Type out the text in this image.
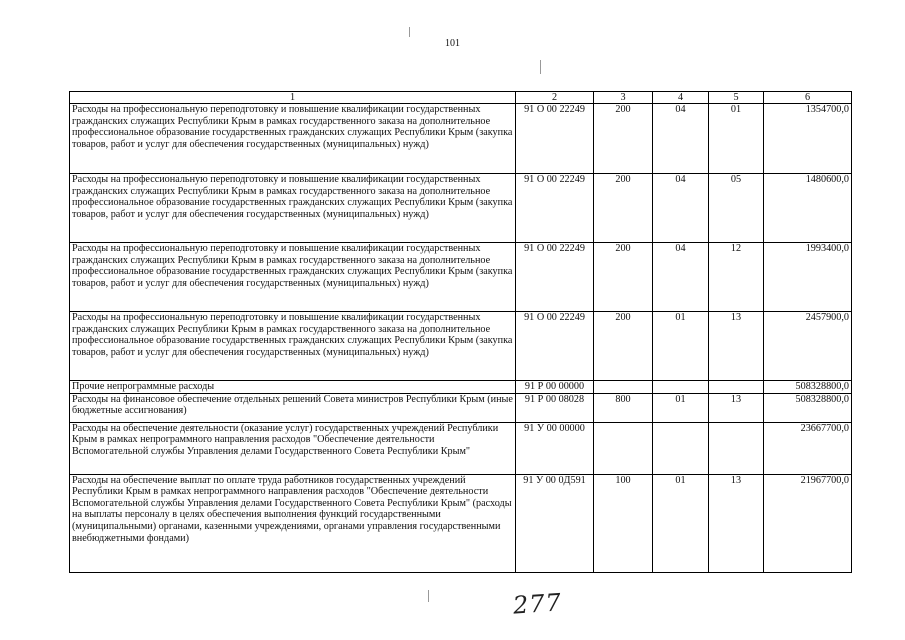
101
1	2	3	4	5	6
Расходы на профессиональную переподготовку и повышение квалификации государственных гражданских служащих Республики Крым в рамках государственного заказа на дополнительное профессиональное образование государственных гражданских служащих Республики Крым (закупка товаров, работ и услуг для обеспечения государственных (муниципальных) нужд)	91 О 00 22249	200	04	01	1354700,0
Расходы на профессиональную переподготовку и повышение квалификации государственных гражданских служащих Республики Крым в рамках государственного заказа на дополнительное профессиональное образование государственных гражданских служащих Республики Крым (закупка товаров, работ и услуг для обеспечения государственных (муниципальных) нужд)	91 О 00 22249	200	04	05	1480600,0
Расходы на профессиональную переподготовку и повышение квалификации государственных гражданских служащих Республики Крым в рамках государственного заказа на дополнительное профессиональное образование государственных гражданских служащих Республики Крым (закупка товаров, работ и услуг для обеспечения государственных (муниципальных) нужд)	91 О 00 22249	200	04	12	1993400,0
Расходы на профессиональную переподготовку и повышение квалификации государственных гражданских служащих Республики Крым в рамках государственного заказа на дополнительное профессиональное образование государственных гражданских служащих Республики Крым (закупка товаров, работ и услуг для обеспечения государственных (муниципальных) нужд)	91 О 00 22249	200	01	13	2457900,0
Прочие непрограммные расходы	91 Р 00 00000				508328800,0
Расходы на финансовое обеспечение отдельных решений Совета министров Республики Крым (иные бюджетные ассигнования)	91 Р 00 08028	800	01	13	508328800,0
Расходы на обеспечение деятельности (оказание услуг) государственных учреждений Республики Крым в рамках непрограммного направления расходов "Обеспечение деятельности Вспомогательной службы Управления делами Государственного Совета Республики Крым"	91 У 00 00000				23667700,0
Расходы на обеспечение выплат по оплате труда работников государственных учреждений Республики Крым в рамках непрограммного направления расходов "Обеспечение деятельности Вспомогательной службы Управления делами Государственного Совета Республики Крым" (расходы на выплаты персоналу в целях обеспечения выполнения функций государственными (муниципальными) органами, казенными учреждениями, органами управления государственными внебюджетными фондами)	91 У 00 0Д591	100	01	13	21967700,0
277
